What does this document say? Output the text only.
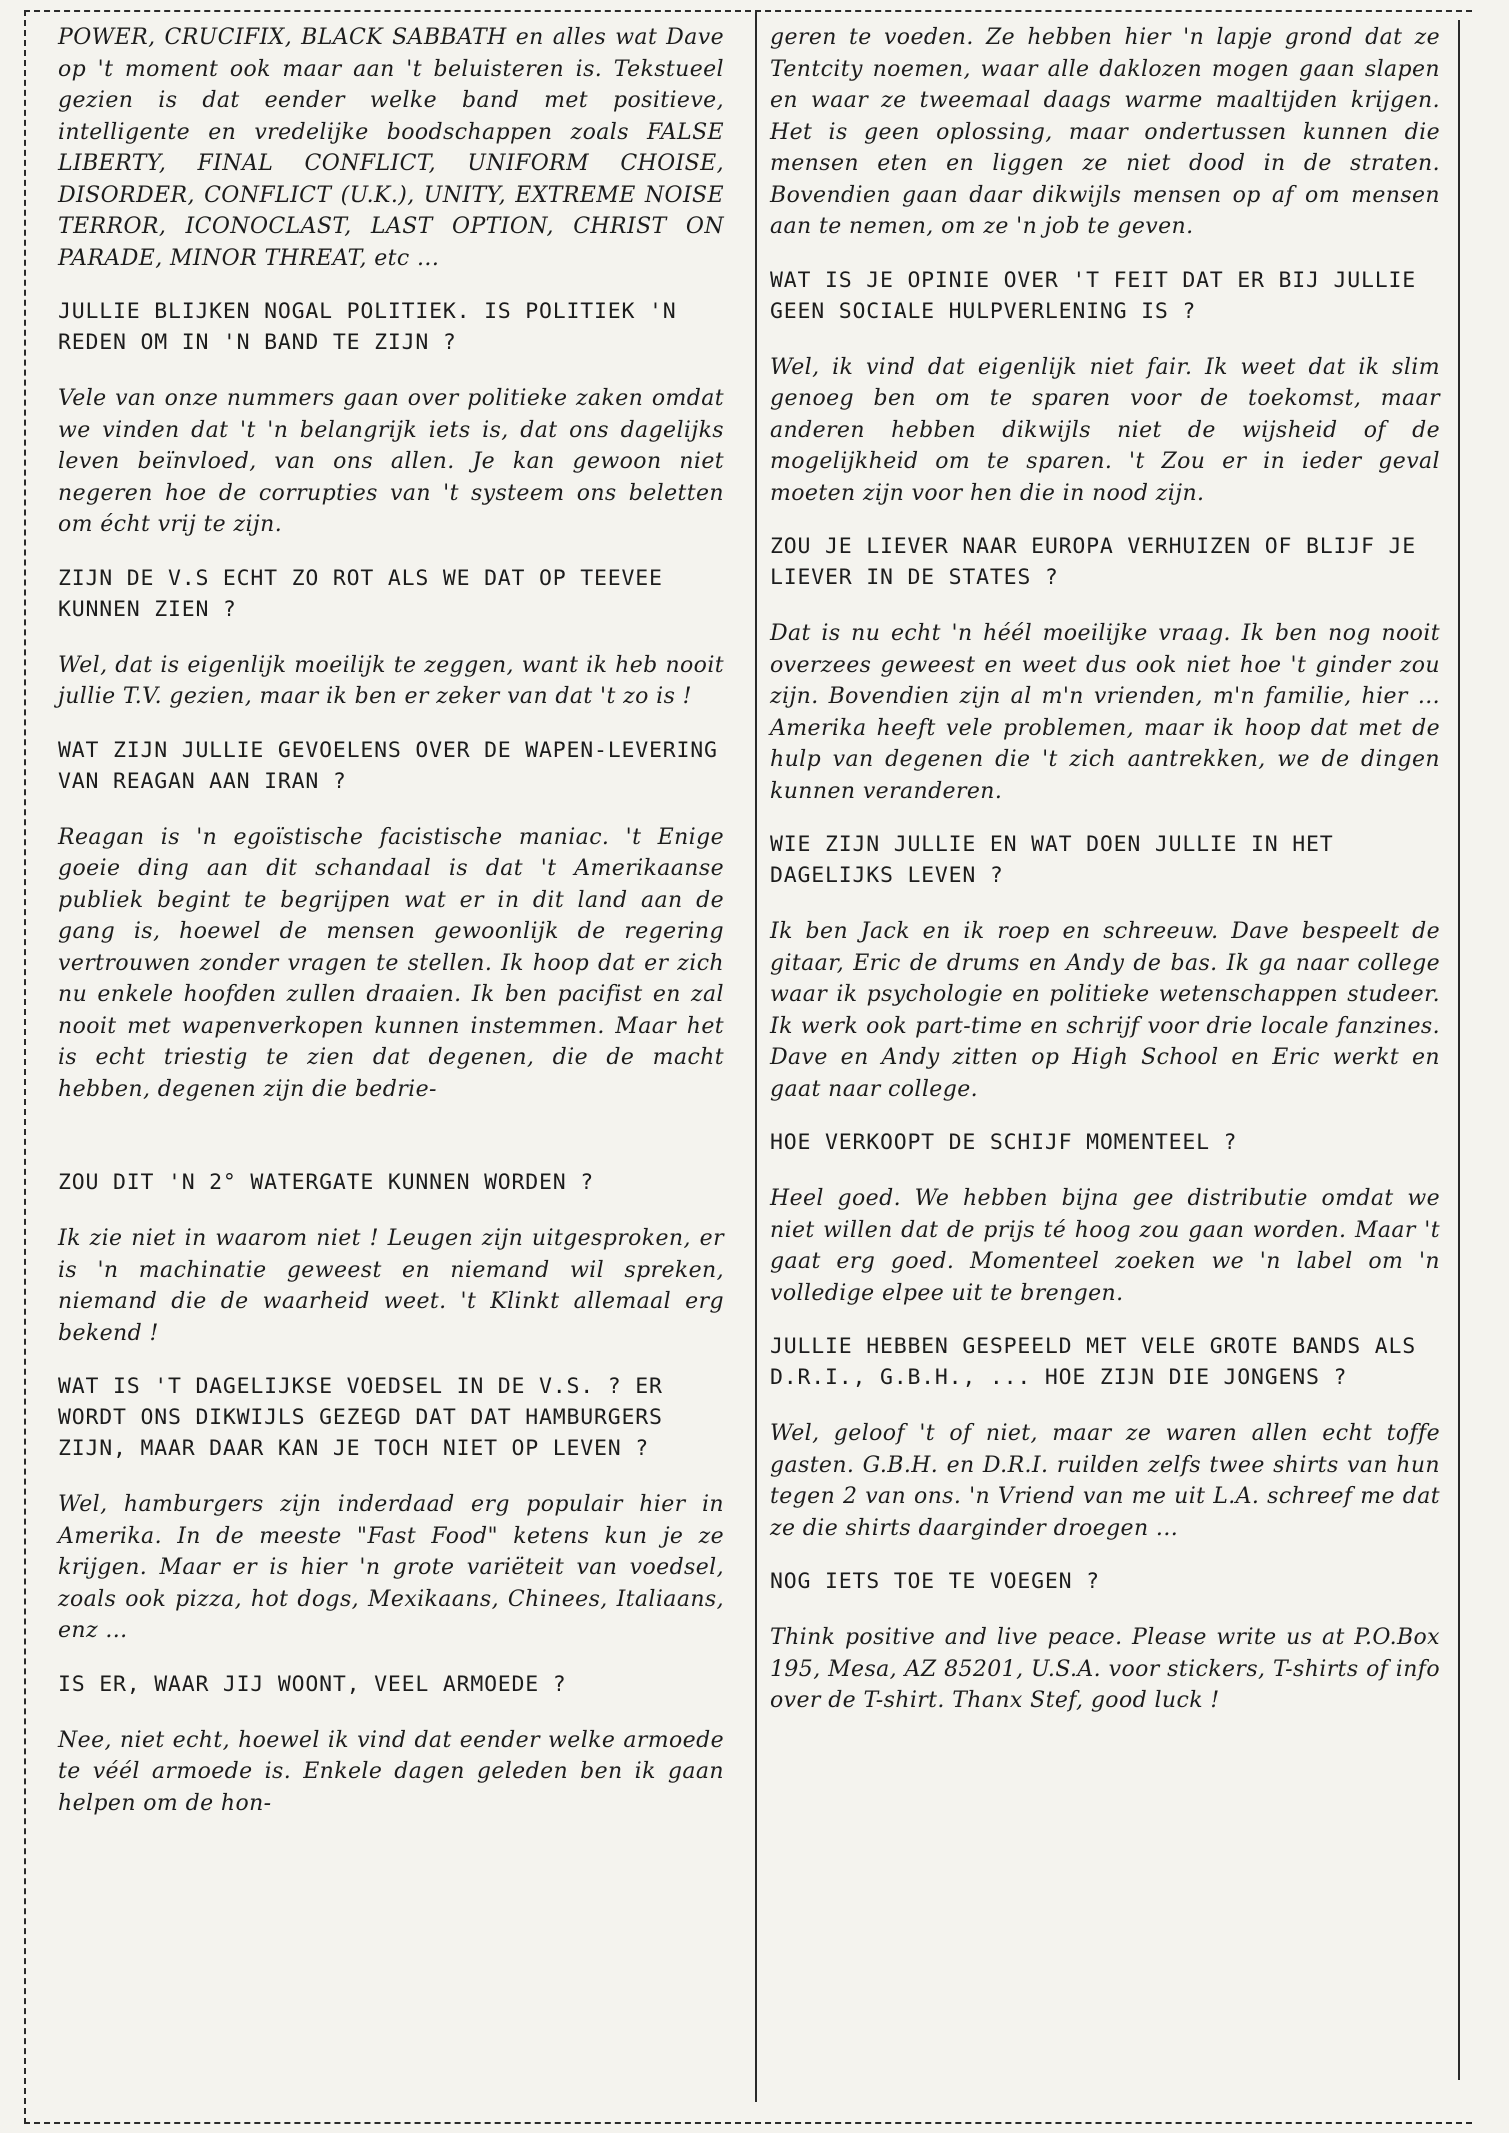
POWER, CRUCIFIX, BLACK SABBATH en alles wat Dave op 't moment ook maar aan 't beluisteren is. Tekstueel gezien is dat eender welke band met positieve, intelligente en vredelijke boodschappen zoals FALSE LIBERTY, FINAL CONFLICT, UNIFORM CHOISE, DISORDER, CONFLICT (U.K.), UNITY, EXTREME NOISE TERROR, ICONOCLAST, LAST OPTION, CHRIST ON PARADE, MINOR THREAT, etc ...

JULLIE BLIJKEN NOGAL POLITIEK. IS POLITIEK 'N REDEN OM IN 'N BAND TE ZIJN ?

Vele van onze nummers gaan over politieke zaken omdat we vinden dat 't 'n belangrijk iets is, dat ons dagelijks leven beïnvloed, van ons allen. Je kan gewoon niet negeren hoe de corrupties van 't systeem ons beletten om écht vrij te zijn.

ZIJN DE V.S ECHT ZO ROT ALS WE DAT OP TEEVEE KUNNEN ZIEN ?

Wel, dat is eigenlijk moeilijk te zeggen, want ik heb nooit jullie T.V. gezien, maar ik ben er zeker van dat 't zo is !

WAT ZIJN JULLIE GEVOELENS OVER DE WAPEN-LEVERING VAN REAGAN AAN IRAN ?

Reagan is 'n egoïstische facistische maniac. 't Enige goeie ding aan dit schandaal is dat 't Amerikaanse publiek begint te begrijpen wat er in dit land aan de gang is, hoewel de mensen gewoonlijk de regering vertrouwen zonder vragen te stellen. Ik hoop dat er zich nu enkele hoofden zullen draaien. Ik ben pacifist en zal nooit met wapenverkopen kunnen instemmen. Maar het is echt triestig te zien dat degenen, die de macht hebben, degenen zijn die bedrie-

ZOU DIT 'N 2° WATERGATE KUNNEN WORDEN ?

Ik zie niet in waarom niet ! Leugen zijn uitgesproken, er is 'n machinatie geweest en niemand wil spreken, niemand die de waarheid weet. 't Klinkt allemaal erg bekend !

WAT IS 'T DAGELIJKSE VOEDSEL IN DE V.S. ? ER WORDT ONS DIKWIJLS GEZEGD DAT DAT HAMBURGERS ZIJN, MAAR DAAR KAN JE TOCH NIET OP LEVEN ?

Wel, hamburgers zijn inderdaad erg populair hier in Amerika. In de meeste "Fast Food" ketens kun je ze krijgen. Maar er is hier 'n grote variëteit van voedsel, zoals ook pizza, hot dogs, Mexikaans, Chinees, Italiaans, enz ...

IS ER, WAAR JIJ WOONT, VEEL ARMOEDE ?

Nee, niet echt, hoewel ik vind dat eender welke armoede te véél armoede is. Enkele dagen geleden ben ik gaan helpen om de hon-

geren te voeden. Ze hebben hier 'n lapje grond dat ze Tentcity noemen, waar alle daklozen mogen gaan slapen en waar ze tweemaal daags warme maaltijden krijgen. Het is geen oplossing, maar ondertussen kunnen die mensen eten en liggen ze niet dood in de straten. Bovendien gaan daar dikwijls mensen op af om mensen aan te nemen, om ze 'n job te geven.

WAT IS JE OPINIE OVER 'T FEIT DAT ER BIJ JULLIE GEEN SOCIALE HULPVERLENING IS ?

Wel, ik vind dat eigenlijk niet fair. Ik weet dat ik slim genoeg ben om te sparen voor de toekomst, maar anderen hebben dikwijls niet de wijsheid of de mogelijkheid om te sparen. 't Zou er in ieder geval moeten zijn voor hen die in nood zijn.

ZOU JE LIEVER NAAR EUROPA VERHUIZEN OF BLIJF JE LIEVER IN DE STATES ?

Dat is nu echt 'n héél moeilijke vraag. Ik ben nog nooit overzees geweest en weet dus ook niet hoe 't ginder zou zijn. Bovendien zijn al m'n vrienden, m'n familie, hier ... Amerika heeft vele problemen, maar ik hoop dat met de hulp van degenen die 't zich aantrekken, we de dingen kunnen veranderen.

WIE ZIJN JULLIE EN WAT DOEN JULLIE IN HET DAGELIJKS LEVEN ?

Ik ben Jack en ik roep en schreeuw. Dave bespeelt de gitaar, Eric de drums en Andy de bas. Ik ga naar college waar ik psychologie en politieke wetenschappen studeer. Ik werk ook part-time en schrijf voor drie locale fanzines. Dave en Andy zitten op High School en Eric werkt en gaat naar college.

HOE VERKOOPT DE SCHIJF MOMENTEEL ?

Heel goed. We hebben bijna gee distributie omdat we niet willen dat de prijs té hoog zou gaan worden. Maar 't gaat erg goed. Momenteel zoeken we 'n label om 'n volledige elpee uit te brengen.

JULLIE HEBBEN GESPEELD MET VELE GROTE BANDS ALS D.R.I., G.B.H., ... HOE ZIJN DIE JONGENS ?

Wel, geloof 't of niet, maar ze waren allen echt toffe gasten. G.B.H. en D.R.I. ruilden zelfs twee shirts van hun tegen 2 van ons. 'n Vriend van me uit L.A. schreef me dat ze die shirts daarginder droegen ...

NOG IETS TOE TE VOEGEN ?

Think positive and live peace. Please write us at P.O.Box 195, Mesa, AZ 85201, U.S.A. voor stickers, T-shirts of info over de T-shirt. Thanx Stef, good luck !
